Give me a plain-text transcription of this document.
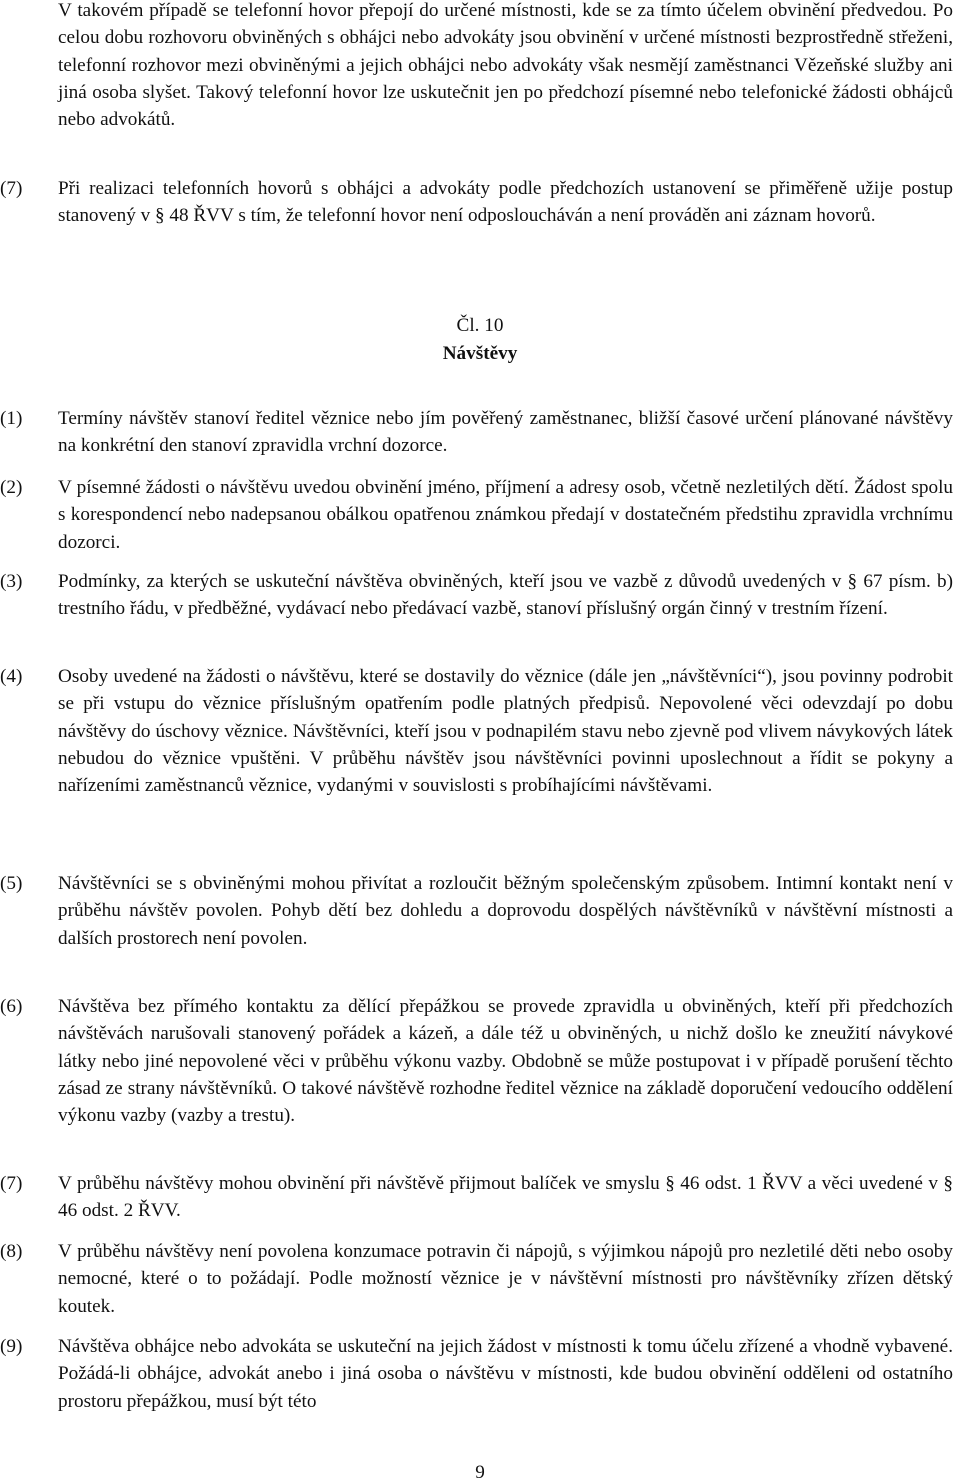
V takovém případě se telefonní hovor přepojí do určené místnosti, kde se za tímto účelem obvinění předvedou. Po celou dobu rozhovoru obviněných s obhájci nebo advokáty jsou obvinění v určené místnosti bezprostředně střeženi, telefonní rozhovor mezi obviněnými a jejich obhájci nebo advokáty však nesmějí zaměstnanci Vězeňské služby ani jiná osoba slyšet. Takový telefonní hovor lze uskutečnit jen po předchozí písemné nebo telefonické žádosti obhájců nebo advokátů.

(7)	Při realizaci telefonních hovorů s obhájci a advokáty podle předchozích ustanovení se přiměřeně užije postup stanovený v § 48 ŘVV s tím, že telefonní hovor není odposloucháván a není prováděn ani záznam hovorů.

Čl. 10
Návštěvy
(1)	Termíny návštěv stanoví ředitel věznice nebo jím pověřený zaměstnanec, bližší časové určení plánované návštěvy na konkrétní den stanoví zpravidla vrchní dozorce.

(2)	V písemné žádosti o návštěvu uvedou obvinění jméno, příjmení a adresy osob, včetně nezletilých dětí. Žádost spolu s korespondencí nebo nadepsanou obálkou opatřenou známkou předají v dostatečném předstihu zpravidla vrchnímu dozorci.

(3)	Podmínky, za kterých se uskuteční návštěva obviněných, kteří jsou ve vazbě z důvodů uvedených v § 67 písm. b) trestního řádu, v předběžné, vydávací nebo předávací vazbě, stanoví příslušný orgán činný v trestním řízení.

(4)	Osoby uvedené na žádosti o návštěvu, které se dostavily do věznice (dále jen „návštěvníci“), jsou povinny podrobit se při vstupu do věznice příslušným opatřením podle platných předpisů. Nepovolené věci odevzdají po dobu návštěvy do úschovy věznice. Návštěvníci, kteří jsou v podnapilém stavu nebo zjevně pod vlivem návykových látek nebudou do věznice vpuštěni. V průběhu návštěv jsou návštěvníci povinni uposlechnout a řídit se pokyny a nařízeními zaměstnanců věznice, vydanými v souvislosti s probíhajícími návštěvami.

(5)	Návštěvníci se s obviněnými mohou přivítat a rozloučit běžným společenským způsobem. Intimní kontakt není v průběhu návštěv povolen. Pohyb dětí bez dohledu a doprovodu dospělých návštěvníků v návštěvní místnosti a dalších prostorech není povolen.

(6)	Návštěva bez přímého kontaktu za dělící přepážkou se provede zpravidla u obviněných, kteří při předchozích návštěvách narušovali stanovený pořádek a kázeň, a dále též u obviněných, u nichž došlo ke zneužití návykové látky nebo jiné nepovolené věci v průběhu výkonu vazby. Obdobně se může postupovat i v případě porušení těchto zásad ze strany návštěvníků. O takové návštěvě rozhodne ředitel věznice na základě doporučení vedoucího oddělení výkonu vazby (vazby a trestu).

(7)	V průběhu návštěvy mohou obvinění při návštěvě přijmout balíček ve smyslu § 46 odst. 1 ŘVV a věci uvedené v § 46 odst. 2 ŘVV.

(8)	V průběhu návštěvy není povolena konzumace potravin či nápojů, s výjimkou nápojů pro nezletilé děti nebo osoby nemocné, které o to požádají. Podle možností věznice je v návštěvní místnosti pro návštěvníky zřízen dětský koutek.

(9)	Návštěva obhájce nebo advokáta se uskuteční na jejich žádost v místnosti k tomu účelu zřízené a vhodně vybavené. Požádá-li obhájce, advokát anebo i jiná osoba o návštěvu v místnosti, kde budou obvinění odděleni od ostatního prostoru přepážkou, musí být této

9
